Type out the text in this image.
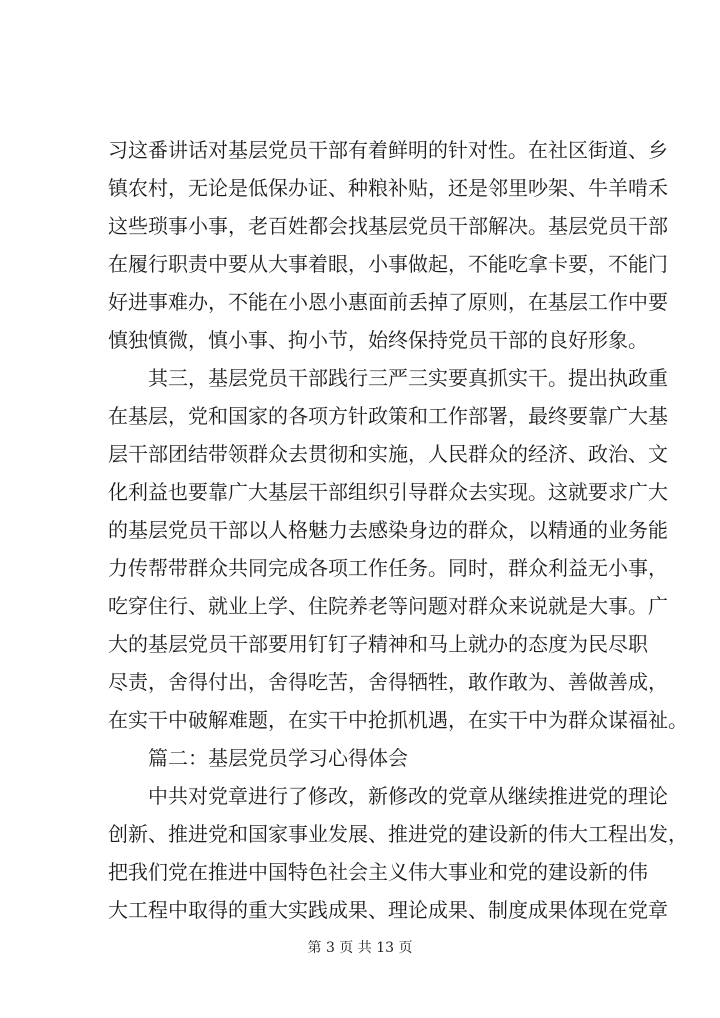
习这番讲话对基层党员干部有着鲜明的针对性。在社区街道、乡
镇农村，无论是低保办证、种粮补贴，还是邻里吵架、牛羊啃禾
这些琐事小事，老百姓都会找基层党员干部解决。基层党员干部
在履行职责中要从大事着眼，小事做起，不能吃拿卡要，不能门
好进事难办，不能在小恩小惠面前丢掉了原则，在基层工作中要
慎独慎微，慎小事、拘小节，始终保持党员干部的良好形象。
其三，基层党员干部践行三严三实要真抓实干。提出执政重
在基层，党和国家的各项方针政策和工作部署，最终要靠广大基
层干部团结带领群众去贯彻和实施，人民群众的经济、政治、文
化利益也要靠广大基层干部组织引导群众去实现。这就要求广大
的基层党员干部以人格魅力去感染身边的群众，以精通的业务能
力传帮带群众共同完成各项工作任务。同时，群众利益无小事，
吃穿住行、就业上学、住院养老等问题对群众来说就是大事。广
大的基层党员干部要用钉钉子精神和马上就办的态度为民尽职
尽责，舍得付出，舍得吃苦，舍得牺牲，敢作敢为、善做善成，
在实干中破解难题，在实干中抢抓机遇，在实干中为群众谋福祉。
篇二：基层党员学习心得体会
中共对党章进行了修改，新修改的党章从继续推进党的理论
创新、推进党和国家事业发展、推进党的建设新的伟大工程出发，
把我们党在推进中国特色社会主义伟大事业和党的建设新的伟
大工程中取得的重大实践成果、理论成果、制度成果体现在党章
第 3 页 共 13 页
